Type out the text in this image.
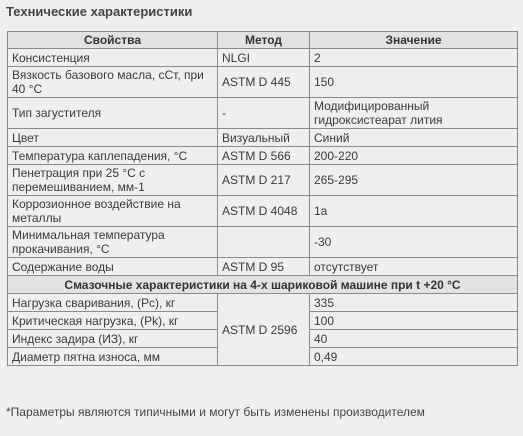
Технические характеристики
Свойства	Метод	Значение
Консистенция	NLGI	2
Вязкость базового масла, сСт, при 40 °С	ASTM D 445	150
Тип загустителя	-	Модифицированный гидроксистеарат лития
Цвет	Визуальный	Синий
Температура каплепадения, °С	ASTM D 566	200-220
Пенетрация при 25 °С с перемешиванием, мм-1	ASTM D 217	265-295
Коррозионное воздействие на металлы	ASTM D 4048	1а
Минимальная температура прокачивания, °С		-30
Содержание воды	ASTM D 95	отсутствует
Смазочные характеристики на 4-х шариковой машине при t +20 °С		
Нагрузка сваривания, (Рс), кг	ASTM D 2596	335
Критическая нагрузка, (Pk), кг		100
Индекс задира (ИЗ), кг		40
Диаметр пятна износа, мм		0,49
*Параметры являются типичными и могут быть изменены производителем
